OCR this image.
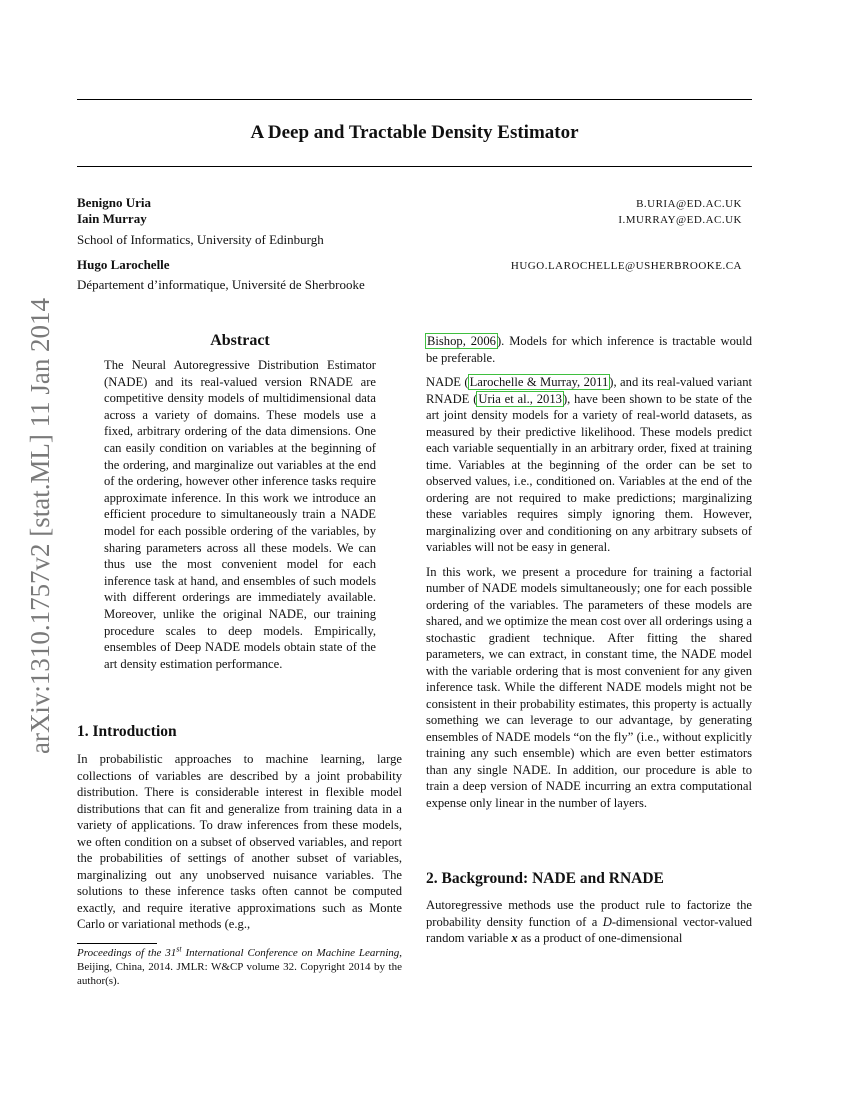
A Deep and Tractable Density Estimator
Benigno Uria	B.URIA@ED.AC.UK
Iain Murray	I.MURRAY@ED.AC.UK
School of Informatics, University of Edinburgh
Hugo Larochelle	HUGO.LAROCHELLE@USHERBROOKE.CA
Département d’informatique, Université de Sherbrooke
arXiv:1310.1757v2 [stat.ML] 11 Jan 2014	Abstract
The Neural Autoregressive Distribution Estimator (NADE) and its real-valued version RNADE are competitive density models of multidimensional data across a variety of domains. These models use a fixed, arbitrary ordering of the data dimensions. One can easily condition on variables at the beginning of the ordering, and marginalize out variables at the end of the ordering, however other inference tasks require approximate inference. In this work we introduce an efficient procedure to simultaneously train a NADE model for each possible ordering of the variables, by sharing parameters across all these models. We can thus use the most convenient model for each inference task at hand, and ensembles of such models with different orderings are immediately available. Moreover, unlike the original NADE, our training procedure scales to deep models. Empirically, ensembles of Deep NADE models obtain state of the art density estimation performance.
1. Introduction
In probabilistic approaches to machine learning, large collections of variables are described by a joint probability distribution. There is considerable interest in flexible model distributions that can fit and generalize from training data in a variety of applications. To draw inferences from these models, we often condition on a subset of observed variables, and report the probabilities of settings of another subset of variables, marginalizing out any unobserved nuisance variables. The solutions to these inference tasks often cannot be computed exactly, and require iterative approximations such as Monte Carlo or variational methods (e.g.,
Proceedings of the 31st International Conference on Machine Learning, Beijing, China, 2014. JMLR: W&CP volume 32. Copyright 2014 by the author(s).

Bishop, 2006). Models for which inference is tractable would be preferable.

NADE (Larochelle & Murray, 2011), and its real-valued variant RNADE (Uria et al., 2013), have been shown to be state of the art joint density models for a variety of real-world datasets, as measured by their predictive likelihood. These models predict each variable sequentially in an arbitrary order, fixed at training time. Variables at the beginning of the order can be set to observed values, i.e., conditioned on. Variables at the end of the ordering are not required to make predictions; marginalizing these variables requires simply ignoring them. However, marginalizing over and conditioning on any arbitrary subsets of variables will not be easy in general.

In this work, we present a procedure for training a factorial number of NADE models simultaneously; one for each possible ordering of the variables. The parameters of these models are shared, and we optimize the mean cost over all orderings using a stochastic gradient technique. After fitting the shared parameters, we can extract, in constant time, the NADE model with the variable ordering that is most convenient for any given inference task. While the different NADE models might not be consistent in their probability estimates, this property is actually something we can leverage to our advantage, by generating ensembles of NADE models “on the fly” (i.e., without explicitly training any such ensemble) which are even better estimators than any single NADE. In addition, our procedure is able to train a deep version of NADE incurring an extra computational expense only linear in the number of layers.

2. Background: NADE and RNADE
Autoregressive methods use the product rule to factorize the probability density function of a D-dimensional vector-valued random variable x as a product of one-dimensional
